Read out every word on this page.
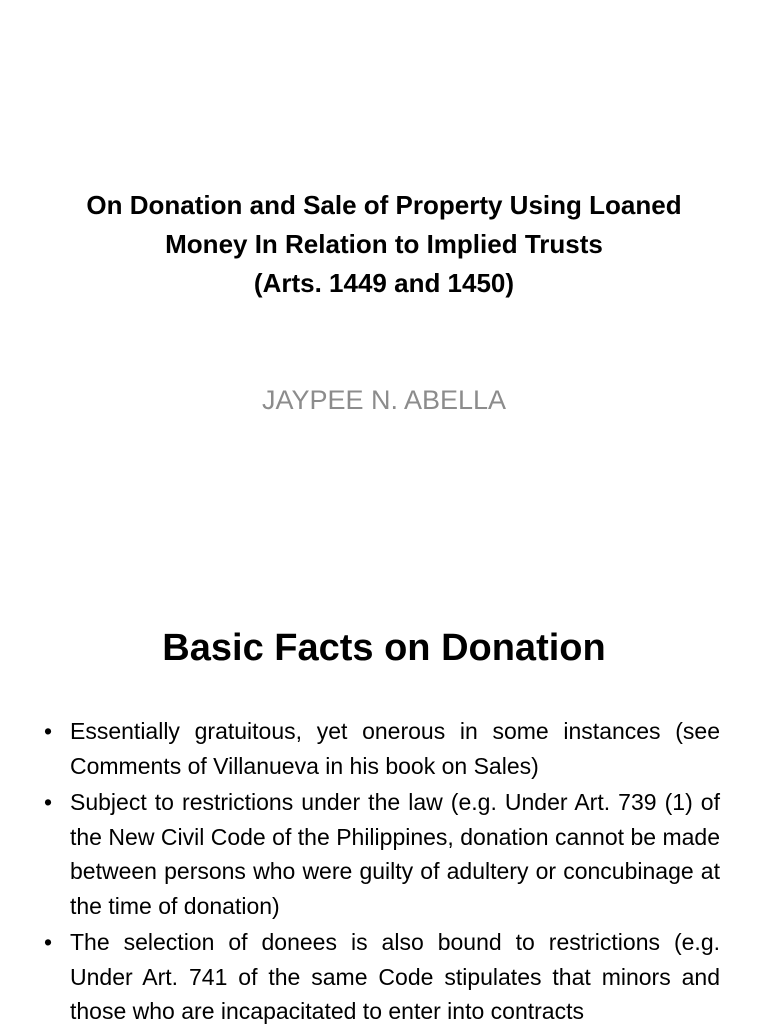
On Donation and Sale of Property Using Loaned
Money In Relation to Implied Trusts
(Arts. 1449 and 1450)
JAYPEE N. ABELLA
Basic Facts on Donation
• Essentially gratuitous, yet onerous in some instances (see Comments of Villanueva in his book on Sales)
• Subject to restrictions under the law (e.g. Under Art. 739 (1) of the New Civil Code of the Philippines, donation cannot be made between persons who were guilty of adultery or concubinage at the time of donation)
• The selection of donees is also bound to restrictions (e.g. Under Art. 741 of the same Code stipulates that minors and those who are incapacitated to enter into contracts
